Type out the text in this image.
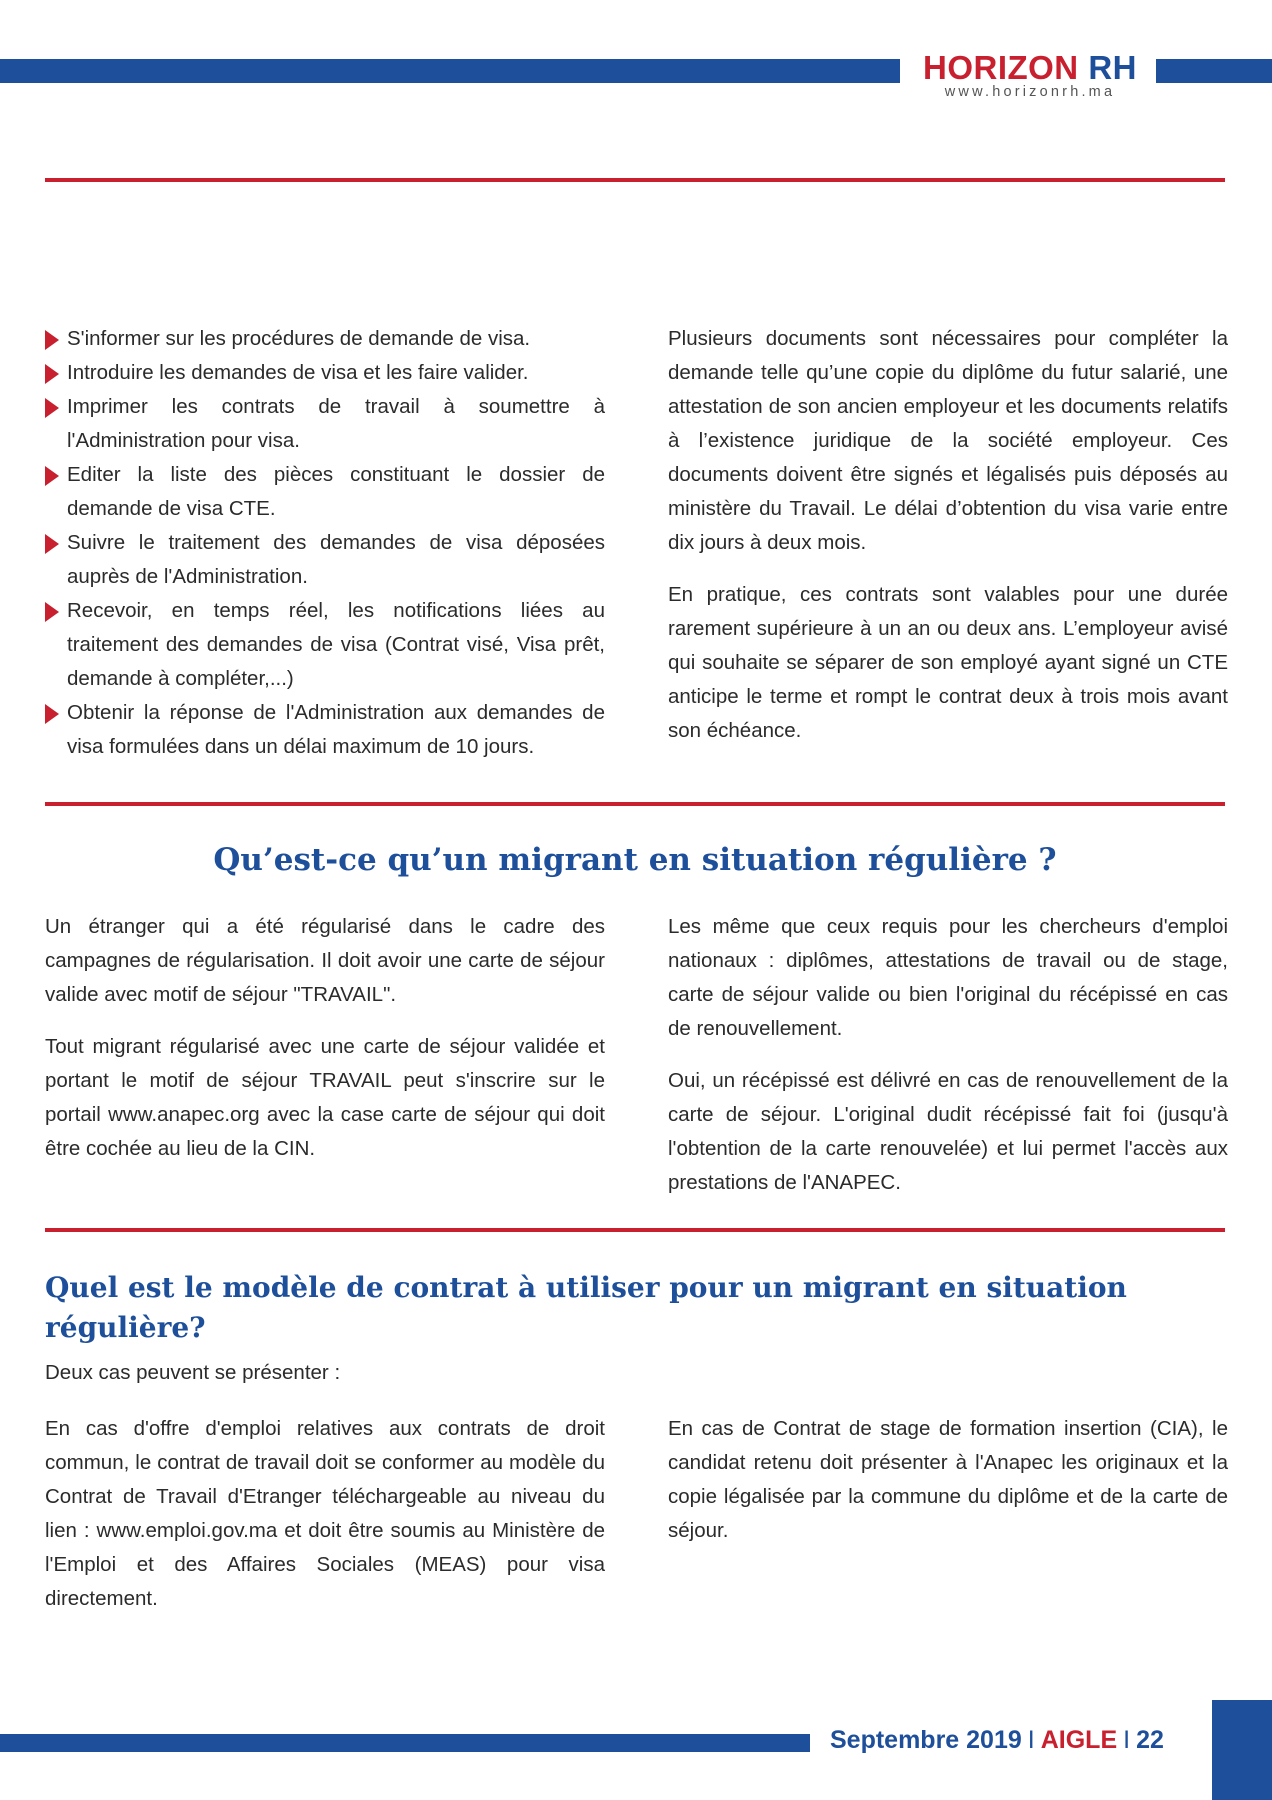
HORIZON RH
www.horizonrh.ma
S'informer sur les procédures de demande de visa.
Introduire les demandes de visa et les faire valider.
Imprimer les contrats de travail à soumettre à l'Administration pour visa.
Editer la liste des pièces constituant le dossier de demande de visa CTE.
Suivre le traitement des demandes de visa déposées auprès de l'Administration.
Recevoir, en temps réel, les notifications liées au traitement des demandes de visa (Contrat visé, Visa prêt, demande à compléter,...)
Obtenir la réponse de l'Administration aux demandes de visa formulées dans un délai maximum de 10 jours.

Plusieurs documents sont nécessaires pour compléter la demande telle qu’une copie du diplôme du futur salarié, une attestation de son ancien employeur et les documents relatifs à l’existence juridique de la société employeur. Ces documents doivent être signés et légalisés puis déposés au ministère du Travail. Le délai d’obtention du visa varie entre dix jours à deux mois.

En pratique, ces contrats sont valables pour une durée rarement supérieure à un an ou deux ans. L’employeur avisé qui souhaite se séparer de son employé ayant signé un CTE anticipe le terme et rompt le contrat deux à trois mois avant son échéance.

Qu’est-ce qu’un migrant en situation régulière ?

Un étranger qui a été régularisé dans le cadre des campagnes de régularisation. Il doit avoir une carte de séjour valide avec motif de séjour "TRAVAIL".

Tout migrant régularisé avec une carte de séjour validée et portant le motif de séjour TRAVAIL peut s'inscrire sur le portail www.anapec.org avec la case carte de séjour qui doit être cochée au lieu de la CIN.

Les même que ceux requis pour les chercheurs d'emploi nationaux : diplômes, attestations de travail ou de stage, carte de séjour valide ou bien l'original du récépissé en cas de renouvellement.

Oui, un récépissé est délivré en cas de renouvellement de la carte de séjour. L'original dudit récépissé fait foi (jusqu'à l'obtention de la carte renouvelée) et lui permet l'accès aux prestations de l'ANAPEC.

Quel est le modèle de contrat à utiliser pour un migrant en situation régulière?
Deux cas peuvent se présenter :

En cas d'offre d'emploi relatives aux contrats de droit commun, le contrat de travail doit se conformer au modèle du Contrat de Travail d'Etranger téléchargeable au niveau du lien : www.emploi.gov.ma et doit être soumis au Ministère de l'Emploi et des Affaires Sociales (MEAS) pour visa directement.

En cas de Contrat de stage de formation insertion (CIA), le candidat retenu doit présenter à l'Anapec les originaux et la copie légalisée par la commune du diplôme et de la carte de séjour.

Septembre 2019 I AIGLE I 22
